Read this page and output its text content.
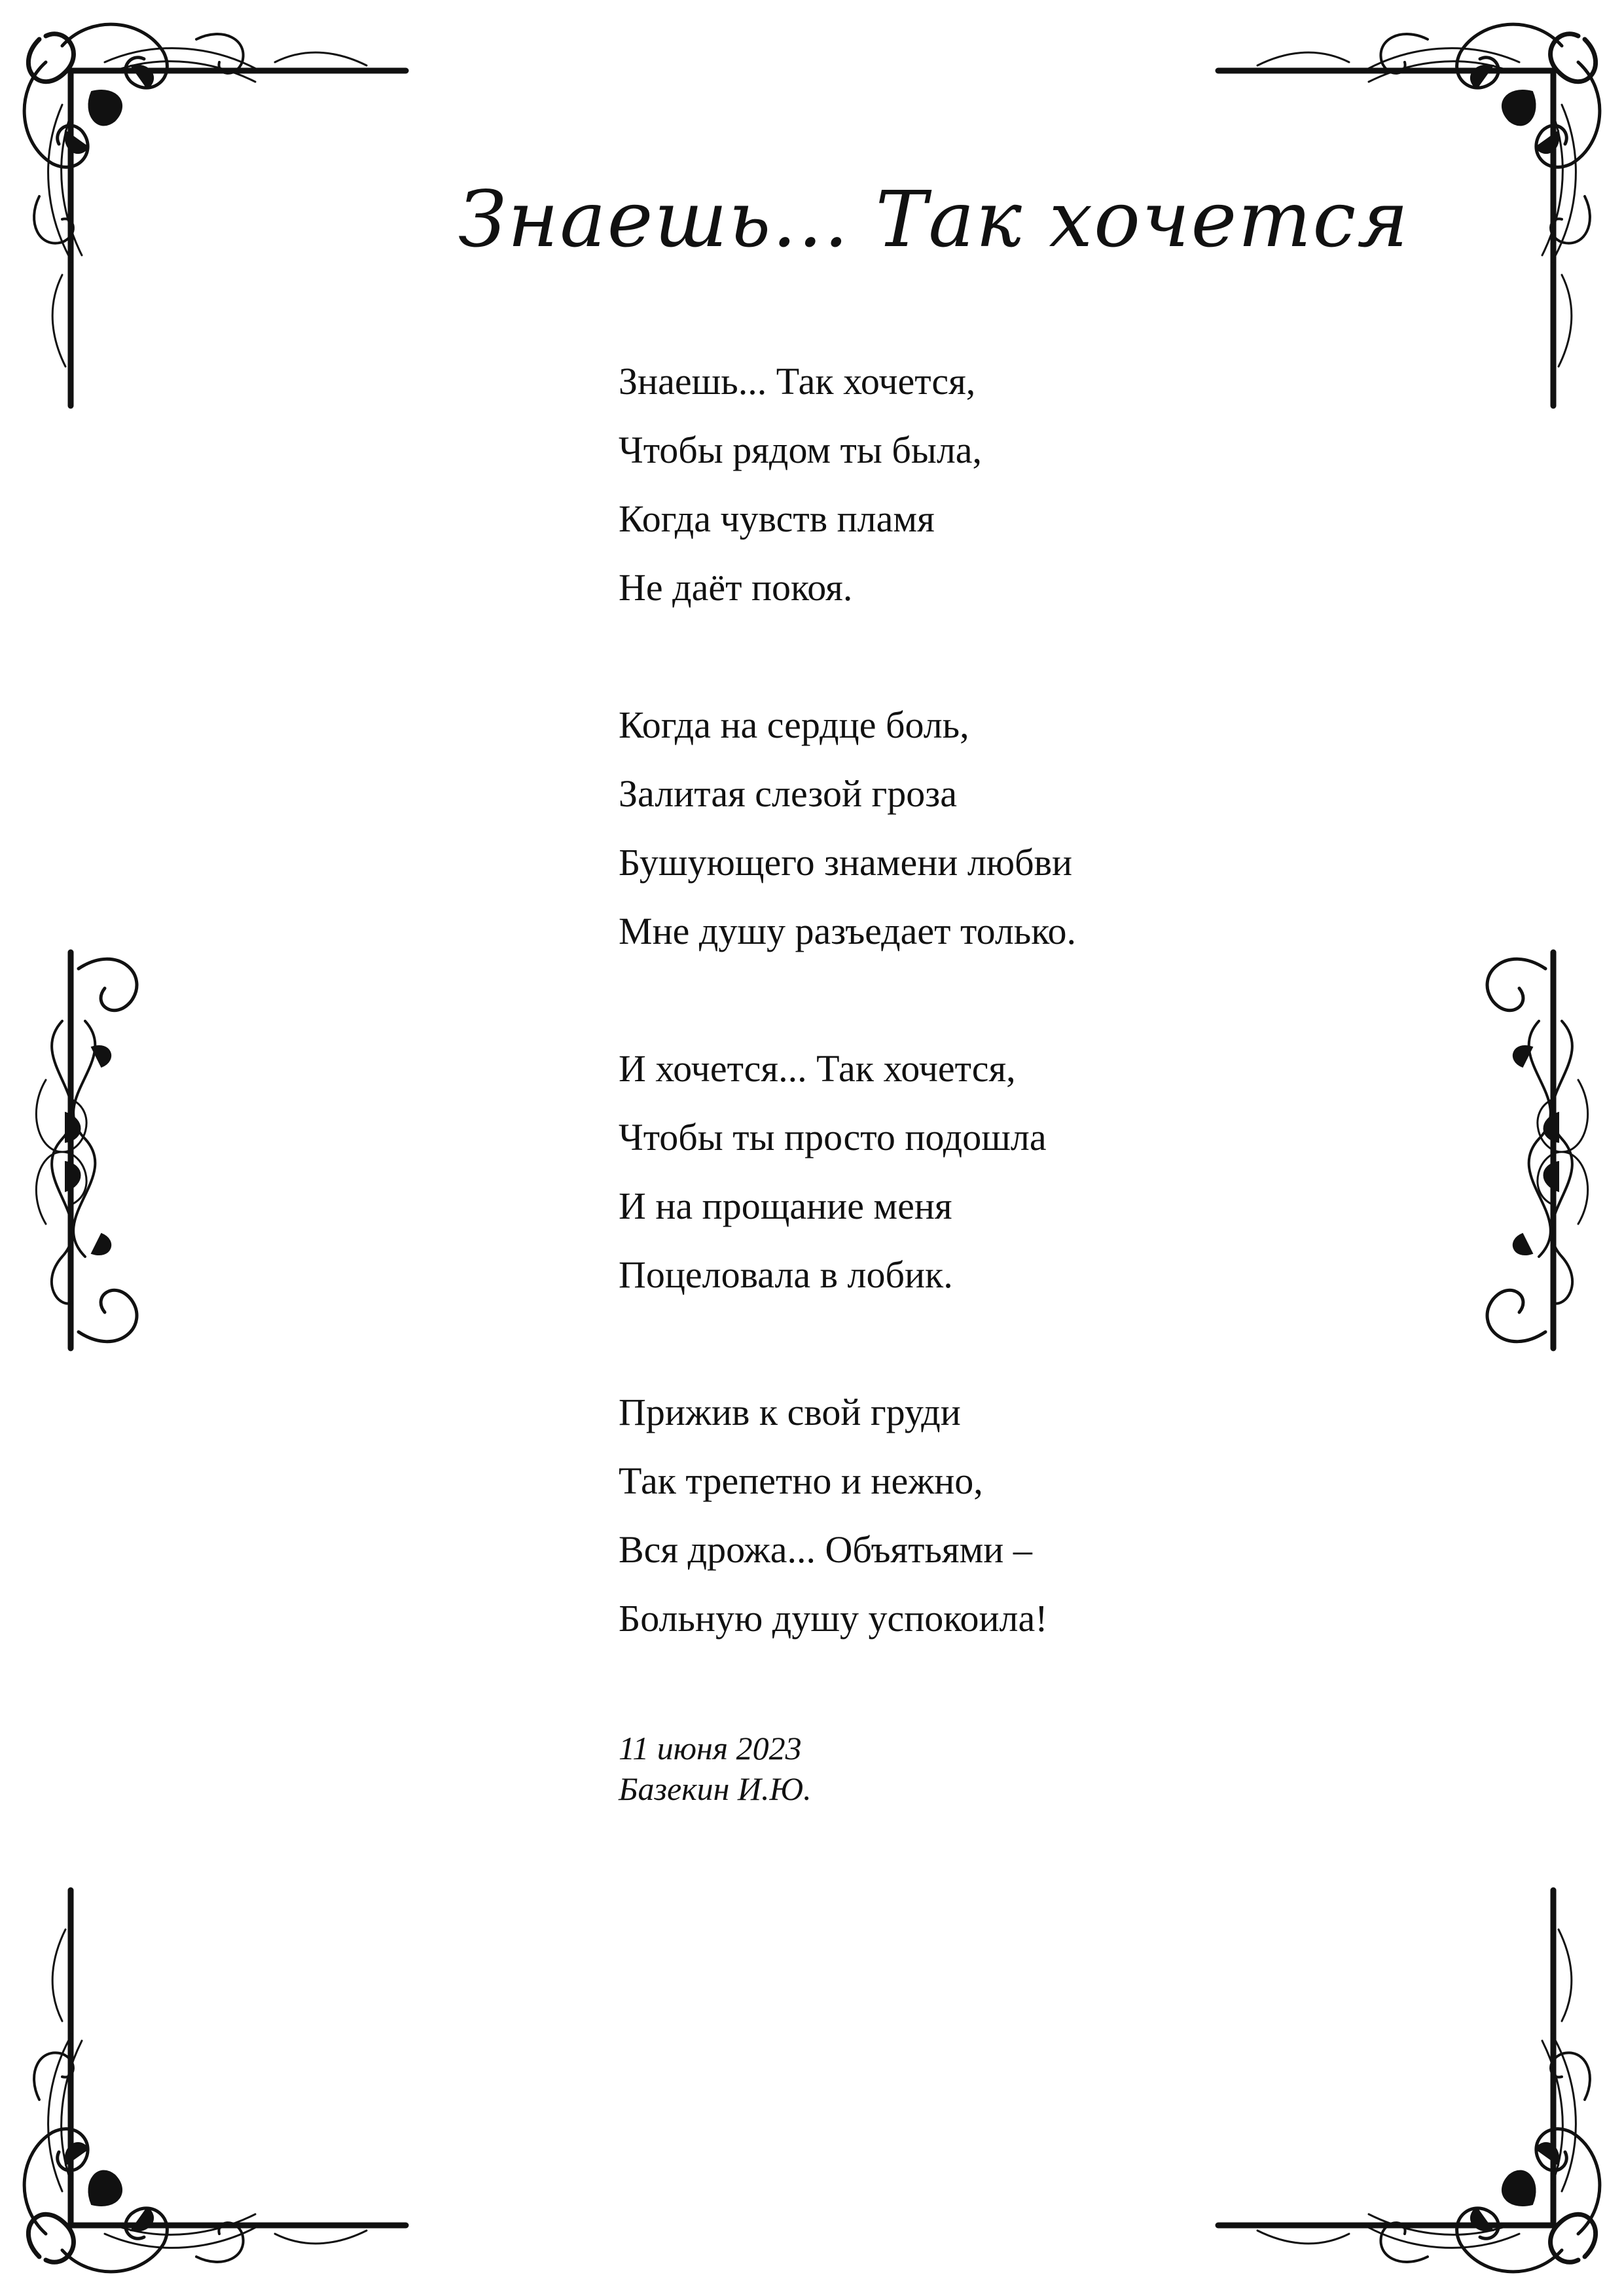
Знаешь... Так хочется
Знаешь... Так хочется,
Чтобы рядом ты была,
Когда чувств пламя
Не даёт покоя.
Когда на сердце боль,
Залитая слезой гроза
Бушующего знамени любви
Мне душу разъедает только.
И хочется... Так хочется,
Чтобы ты просто подошла
И на прощание меня
Поцеловала в лобик.
Прижив к свой груди
Так трепетно и нежно,
Вся дрожа... Объятьями –
Больную душу успокоила!
11 июня 2023
Базекин И.Ю.
